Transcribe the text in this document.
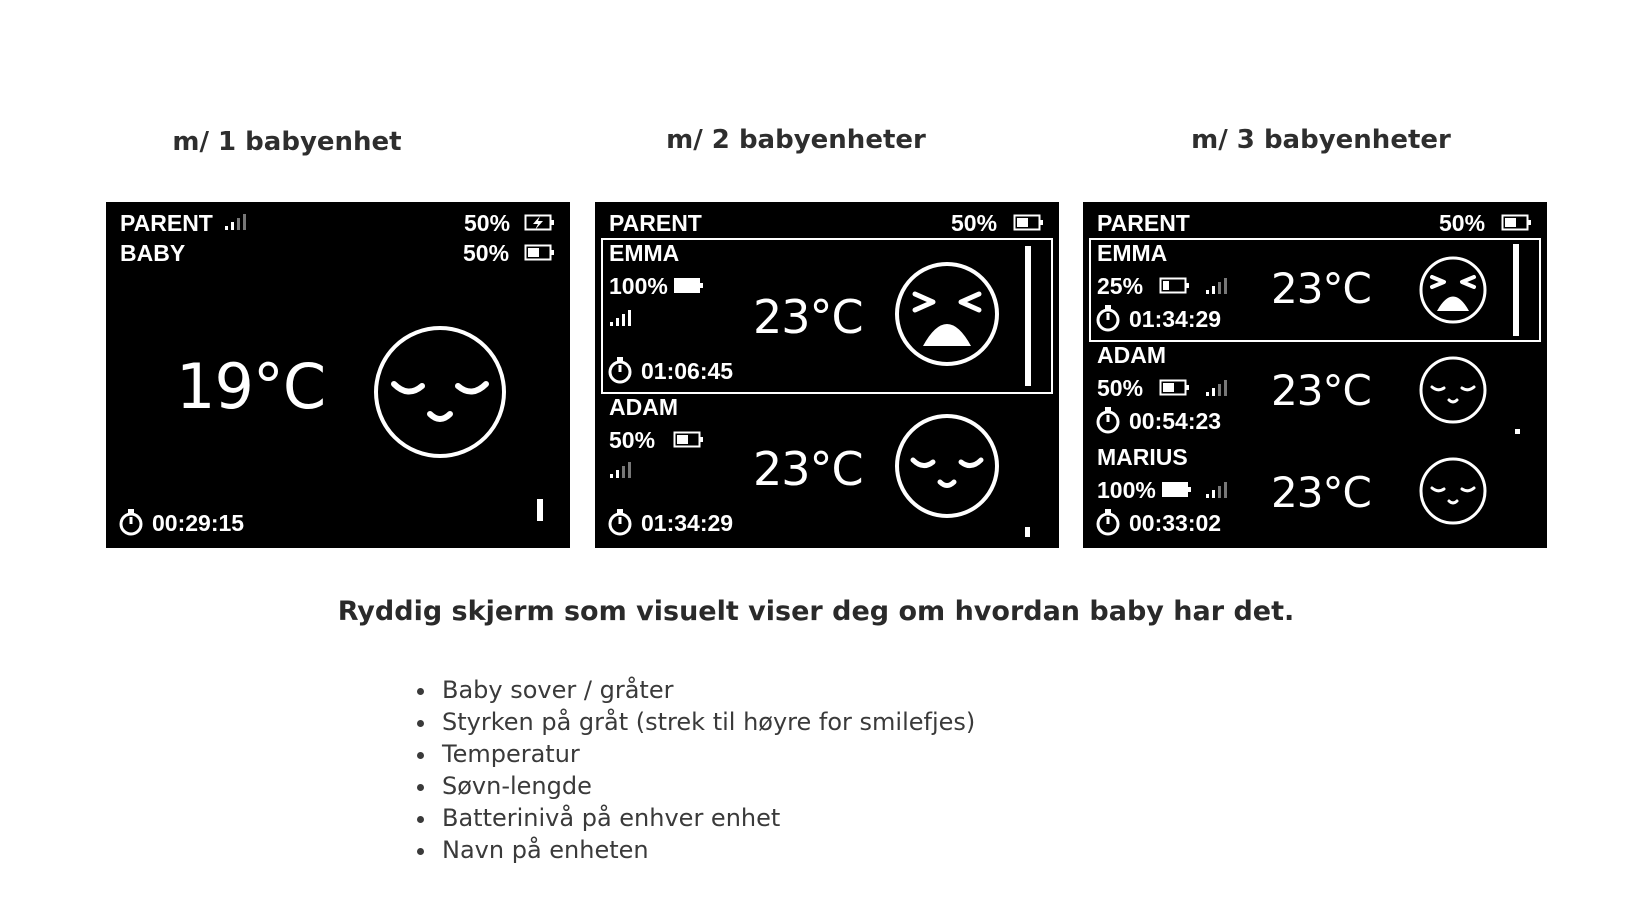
m/ 1 babyenhet	m/ 2 babyenheter	m/ 3 babyenheter
PARENT	50%
BABY	50%
19°C
00:29:15
PARENT	50%
EMMA
100%
23°C
01:06:45
ADAM
50%
23°C
01:34:29
PARENT	50%
EMMA
25%
01:34:29
23°C
ADAM
50%
00:54:23
23°C
MARIUS
100%
00:33:02
23°C
Ryddig skjerm som visuelt viser deg om hvordan baby har det.
• Baby sover / gråter
• Styrken på gråt (strek til høyre for smilefjes)
• Temperatur
• Søvn-lengde
• Batterinivå på enhver enhet
• Navn på enheten
